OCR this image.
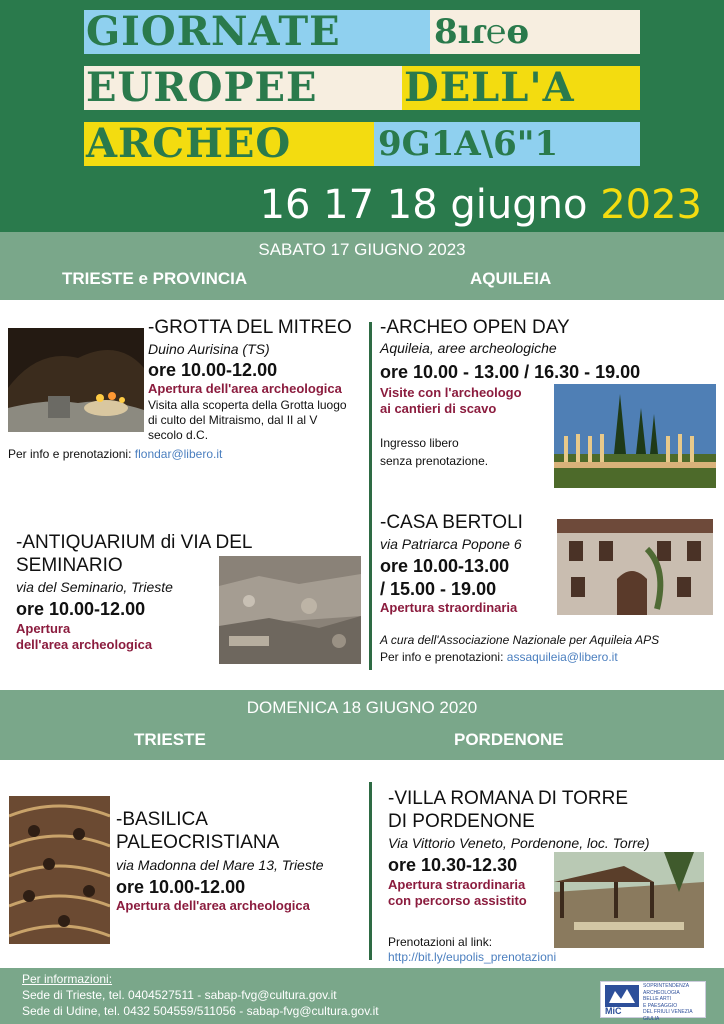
GIORNATE	8ıɾ℮ɵ
EUROPEE	DELL'A
ARCHEO	9G1A\6"1
16 17 18 giugno 2023
SABATO 17 GIUGNO 2023
TRIESTE e PROVINCIA	AQUILEIA
-GROTTA DEL MITREO
Duino Aurisina (TS)
ore 10.00-12.00
Apertura dell'area archeologica
Visita alla scoperta della Grotta luogo di culto del Mitraismo, dal II al V secolo d.C.
Per info e prenotazioni: flondar@libero.it
-ANTIQUARIUM di VIA DEL
SEMINARIO
via del Seminario, Trieste
ore 10.00-12.00
Apertura
dell'area archeologica
-ARCHEO OPEN DAY
Aquileia, aree archeologiche
ore 10.00 - 13.00 / 16.30 - 19.00
Visite con l'archeologo
ai cantieri di scavo
Ingresso libero
senza prenotazione.
-CASA BERTOLI
via Patriarca Popone 6
ore 10.00-13.00
/ 15.00 - 19.00
Apertura straordinaria
A cura dell'Associazione Nazionale per Aquileia APS
Per info e prenotazioni: assaquileia@libero.it
DOMENICA 18 GIUGNO 2020
TRIESTE	PORDENONE
-BASILICA
PALEOCRISTIANA
via Madonna del Mare 13, Trieste
ore 10.00-12.00
Apertura dell'area archeologica
-VILLA ROMANA DI TORRE
DI PORDENONE
Via Vittorio Veneto, Pordenone, loc. Torre)
ore 10.30-12.30
Apertura straordinaria
con percorso assistito
Prenotazioni al link:
http://bit.ly/eupolis_prenotazioni
Per informazioni:
Sede di Trieste, tel. 0404527511 - sabap-fvg@cultura.gov.it
Sede di Udine, tel. 0432 504559/511056 - sabap-fvg@cultura.gov.it	MiC
SOPRINTENDENZA
ARCHEOLOGIA
BELLE ARTI
E PAESAGGIO
DEL FRIULI VENEZIA GIULIA
